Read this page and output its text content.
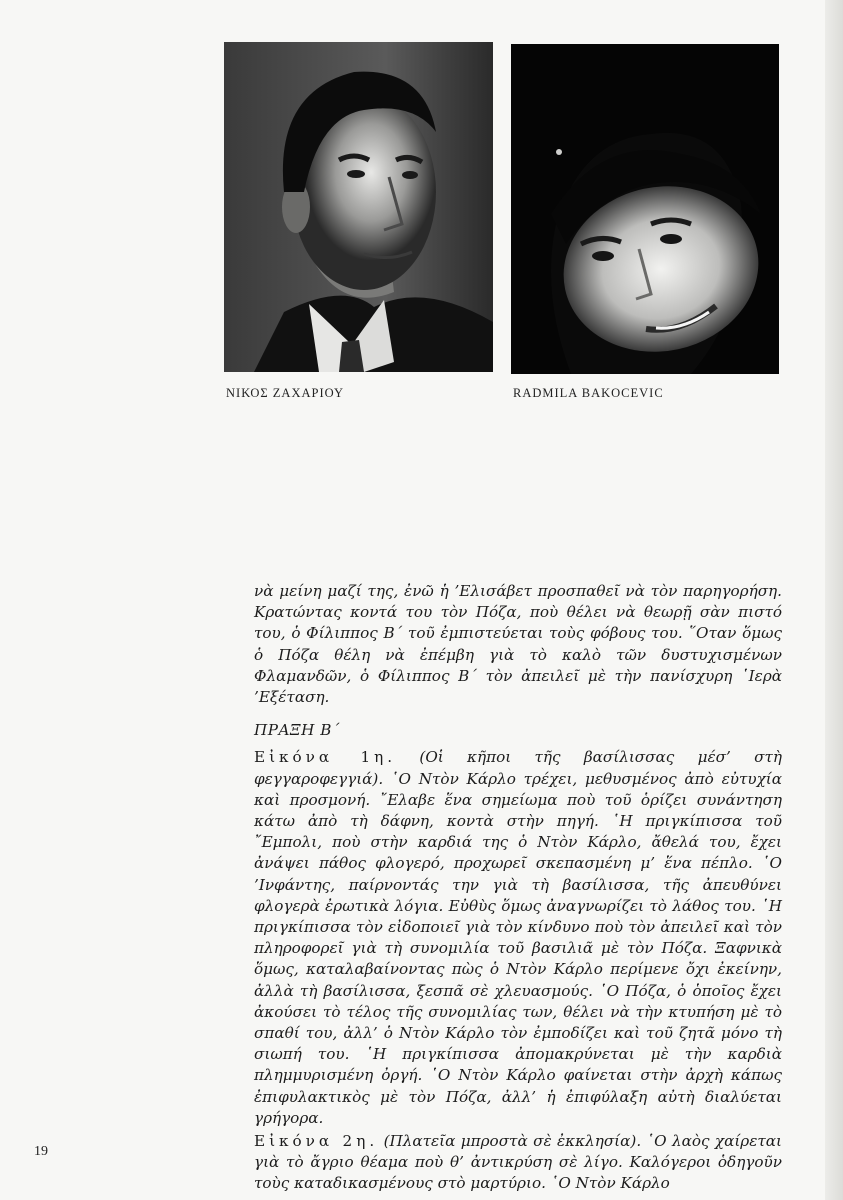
ΝΙΚΟΣ ΖΑΧΑΡΙΟΥ	RADMILA BAKOCEVIC

νὰ μείνη μαζί της, ἐνῶ ἡ ’Ελισάβετ προσπαθεῖ νὰ τὸν παρηγορήση. Κρατώντας κοντά του τὸν Πόζα, ποὺ θέλει νὰ θεωρῇ σὰν πιστό του, ὁ Φίλιππος Β΄ τοῦ ἐμπιστεύεται τοὺς φόβους του. ῞Οταν ὅμως ὁ Πόζα θέλη νὰ ἐπέμβη γιὰ τὸ καλὸ τῶν δυστυχισμένων Φλαμανδῶν, ὁ Φίλιππος Β΄ τὸν ἀπειλεῖ μὲ τὴν πανίσχυρη ῾Ιερὰ ’Εξέταση.

ΠΡΑΞΗ Β΄

Εἰκόνα 1η. (Οἱ κῆποι τῆς βασίλισσας μέσ’ στὴ φεγγαροφεγγιά). ῾Ο Ντὸν Κάρλο τρέχει, μεθυσμένος ἀπὸ εὐτυχία καὶ προσμονή. ῎Ελαβε ἕνα σημείωμα ποὺ τοῦ ὁρίζει συνάντηση κάτω ἀπὸ τὴ δάφνη, κοντὰ στὴν πηγή. ῾Η πριγκίπισσα τοῦ ῎Εμπολι, ποὺ στὴν καρδιά της ὁ Ντὸν Κάρλο, ἄθελά του, ἔχει ἀνάψει πάθος φλογερό, προχωρεῖ σκεπασμένη μ’ ἕνα πέπλο. ῾Ο ’Ινφάντης, παίρνοντάς την γιὰ τὴ βασίλισσα, τῆς ἀπευθύνει φλογερὰ ἐρωτικὰ λόγια. Εὐθὺς ὅμως ἀναγνωρίζει τὸ λάθος του. ῾Η πριγκίπισσα τὸν εἰδοποιεῖ γιὰ τὸν κίνδυνο ποὺ τὸν ἀπειλεῖ καὶ τὸν πληροφορεῖ γιὰ τὴ συνομιλία τοῦ βασιλιᾶ μὲ τὸν Πόζα. Ξαφνικὰ ὅμως, καταλαβαίνοντας πὼς ὁ Ντὸν Κάρλο περίμενε ὄχι ἐκείνην, ἀλλὰ τὴ βασίλισσα, ξεσπᾶ σὲ χλευασμούς. ῾Ο Πόζα, ὁ ὁποῖος ἔχει ἀκούσει τὸ τέλος τῆς συνομιλίας των, θέλει νὰ τὴν κτυπήση μὲ τὸ σπαθί του, ἀλλ’ ὁ Ντὸν Κάρλο τὸν ἐμποδίζει καὶ τοῦ ζητᾶ μόνο τὴ σιωπή του. ῾Η πριγκίπισσα ἀπομακρύνεται μὲ τὴν καρδιὰ πλημμυρισμένη ὀργή. ῾Ο Ντὸν Κάρλο φαίνεται στὴν ἀρχὴ κάπως ἐπιφυλακτικὸς μὲ τὸν Πόζα, ἀλλ’ ἡ ἐπιφύλαξη αὐτὴ διαλύεται γρήγορα.

Εἰκόνα 2η. (Πλατεῖα μπροστὰ σὲ ἐκκλησία). ῾Ο λαὸς χαίρεται γιὰ τὸ ἄγριο θέαμα ποὺ θ’ ἀντικρύση σὲ λίγο. Καλόγεροι ὁδηγοῦν τοὺς καταδικασμένους στὸ μαρτύριο. ῾Ο Ντὸν Κάρλο

19
